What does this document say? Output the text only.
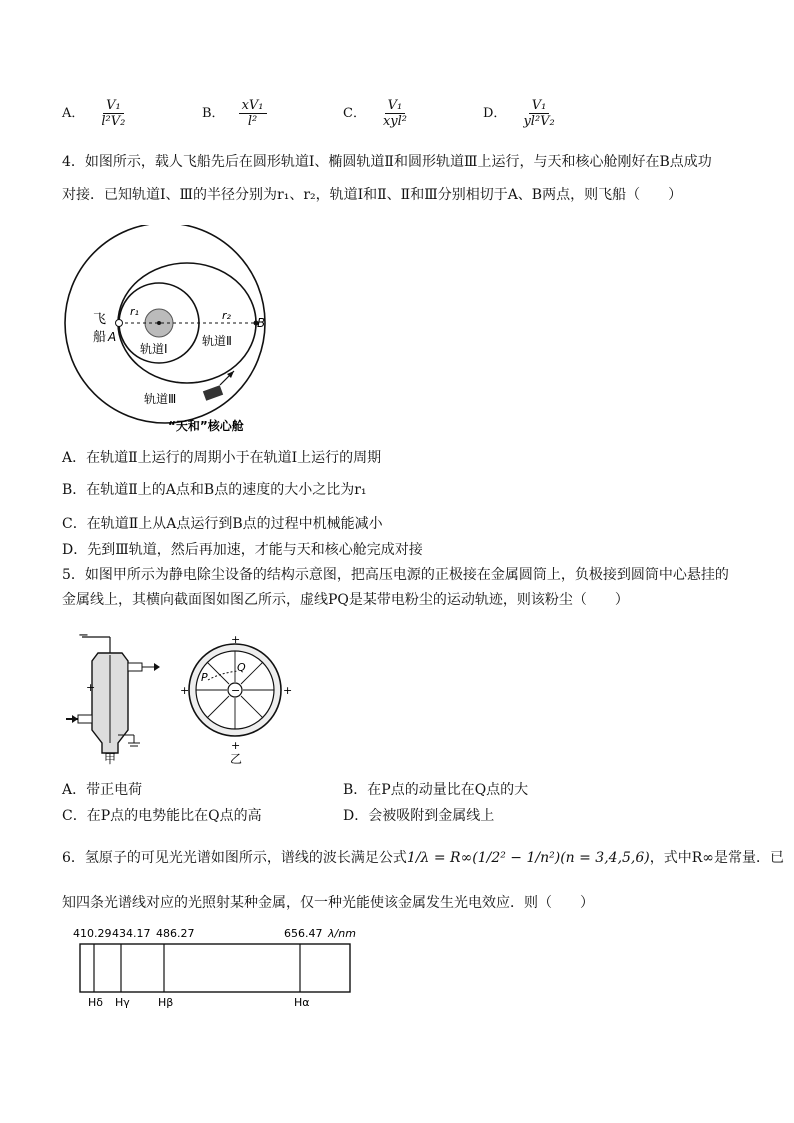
A． $\frac{\text{V₁}}{\text{l²V₂}}$	B． $\frac{\text{xV₁}}{\text{l²}}$	C． $\frac{\text{V₁}}{\text{xyl²}}$	D． $\frac{\text{V₁}}{\text{yl²V₂}}$
4．如图所示，载人飞船先后在圆形轨道Ⅰ、椭圆轨道Ⅱ和圆形轨道Ⅲ上运行，与天和核心舱刚好在B点成功
对接．已知轨道Ⅰ、Ⅲ的半径分别为r₁、r₂，轨道Ⅰ和Ⅱ、Ⅱ和Ⅲ分别相切于A、B两点，则飞船（　　）
飞
船 A
B
r₁	r₂
轨道Ⅰ
轨道Ⅱ
轨道Ⅲ
“天和”核心舱
A．在轨道Ⅱ上运行的周期小于在轨道Ⅰ上运行的周期
B．在轨道Ⅱ上的A点和B点的速度的大小之比为r₁
C．在轨道Ⅱ上从A点运行到B点的过程中机械能减小
D．先到Ⅲ轨道，然后再加速，才能与天和核心舱完成对接
5．如图甲所示为静电除尘设备的结构示意图，把高压电源的正极接在金属圆筒上，负极接到圆筒中心悬挂的
金属线上，其横向截面图如图乙所示，虚线PQ是某带电粉尘的运动轨迹，则该粉尘（　　）
−
+
甲
−
P
Q
+
+
+	+
乙
A．带正电荷	B．在P点的动量比在Q点的大
C．在P点的电势能比在Q点的高	D．会被吸附到金属线上
6．氢原子的可见光光谱如图所示，谱线的波长满足公式1/λ = R∞(1/2² − 1/n²)(n = 3,4,5,6)，式中R∞是常量．已
知四条光谱线对应的光照射某种金属，仅一种光能使该金属发生光电效应．则（　　）
410.29 434.17 486.27	656.47 λ/nm
Hδ Hγ	Hβ	Hα
